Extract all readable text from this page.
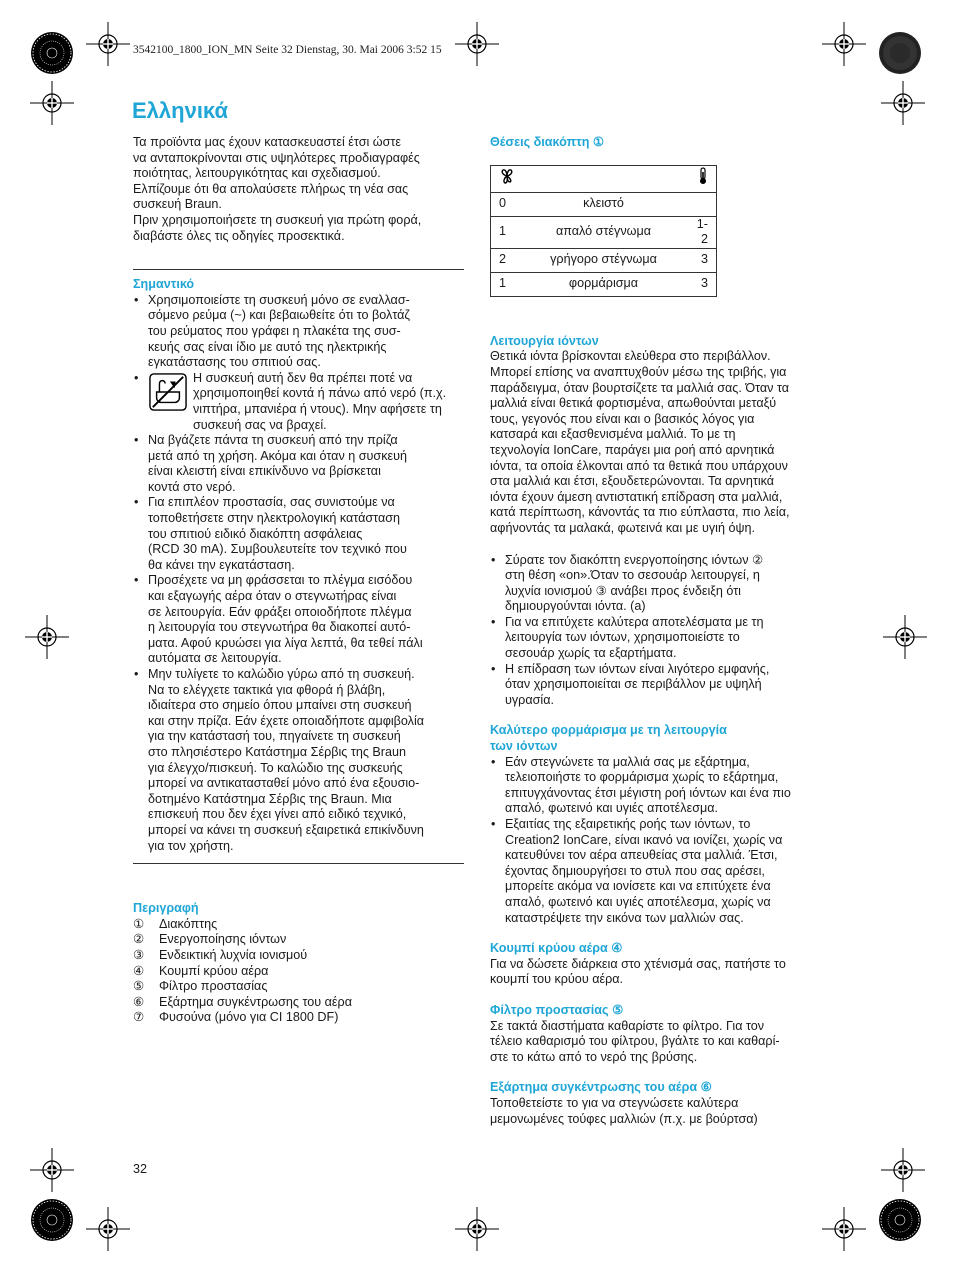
3542100_1800_ION_MN Seite 32 Dienstag, 30. Mai 2006 3:52 15
Ελληνικά

Τα προϊόντα μας έχουν κατασκευαστεί έτσι ώστε

να ανταποκρίνονται στις υψηλότερες προδιαγραφές

ποιότητας, λειτουργικότητας και σχεδιασμού.

Ελπίζουμε ότι θα απολαύσετε πλήρως τη νέα σας

συσκευή Braun.

Πριν χρησιμοποιήσετε τη συσκευή για πρώτη φορά,

διαβάστε όλες τις οδηγίες προσεκτικά.

Σημαντικό

• Χρησιμοποιείστε τη συσκευή μόνο σε εναλλασ-

σόμενο ρεύμα (~) και βεβαιωθείτε ότι το βολτάζ

του ρεύματος που γράφει η πλακέτα της συσ-

κευής σας είναι ίδιο με αυτό της ηλεκτρικής

εγκατάστασης του σπιτιού σας.

• Η συσκευή αυτή δεν θα πρέπει ποτέ να

χρησιμοποιηθεί κοντά ή πάνω από νερό (π.χ.

νιπτήρα, μπανιέρα ή ντους). Μην αφήσετε τη

συσκευή σας να βραχεί.

• Να βγάζετε πάντα τη συσκευή από την πρίζα

μετά από τη χρήση. Ακόμα και όταν η συσκευή

είναι κλειστή είναι επικίνδυνο να βρίσκεται

κοντά στο νερό.

• Για επιπλέον προστασία, σας συνιστούμε να

τοποθετήσετε στην ηλεκτρολογική κατάσταση

του σπιτιού ειδικό διακόπτη ασφάλειας

(RCD 30 mA). Συμβουλευτείτε τον τεχνικό που

θα κάνει την εγκατάσταση.

• Προσέχετε να μη φράσσεται το πλέγμα εισόδου

και εξαγωγής αέρα όταν ο στεγνωτήρας είναι

σε λειτουργία. Εάν φράξει οποιοδήποτε πλέγμα

η λειτουργία του στεγνωτήρα θα διακοπεί αυτό-

ματα. Αφού κρυώσει για λίγα λεπτά, θα τεθεί πάλι

αυτόματα σε λειτουργία.

• Μην τυλίγετε το καλώδιο γύρω από τη συσκευή.

Να το ελέγχετε τακτικά για φθορά ή βλάβη,

ιδιαίτερα στο σημείο όπου μπαίνει στη συσκευή

και στην πρίζα. Εάν έχετε οποιαδήποτε αμφιβολία

για την κατάστασή του, πηγαίνετε τη συσκευή

στο πλησιέστερο Κατάστημα Σέρβις της Braun

για έλεγχο/πισκευή. Το καλώδιο της συσκευής

μπορεί να αντικατασταθεί μόνο από ένα εξουσιο-

δοτημένο Κατάστημα Σέρβις της Braun. Μια

επισκευή που δεν έχει γίνει από ειδικό τεχνικό,

μπορεί να κάνει τη συσκευή εξαιρετικά επικίνδυνη

για τον χρήστη.

Περιγραφή

①	Διακόπτης
②	Ενεργοποίησης ιόντων
③	Ενδεικτική λυχνία ιονισμού
④	Κουμπί κρύου αέρα
⑤	Φίλτρο προστασίας
⑥	Εξάρτημα συγκέντρωσης του αέρα
⑦	Φυσούνα (μόνο για CI 1800 DF)

Θέσεις διακόπτη ①

0	κλειστό	
1	απαλό στέγνωμα	1-2
2	γρήγορο στέγνωμα	3
1	φορμάρισμα	3

Λειτουργία ιόντων

Θετικά ιόντα βρίσκονται ελεύθερα στο περιβάλλον.

Μπορεί επίσης να αναπτυχθούν μέσω της τριβής, για

παράδειγμα, όταν βουρτσίζετε τα μαλλιά σας. Όταν τα

μαλλιά είναι θετικά φορτισμένα, απωθούνται μεταξύ

τους, γεγονός που είναι και ο βασικός λόγος για

κατσαρά και εξασθενισμένα μαλλιά. Το με τη

τεχνολογία IonCare, παράγει μια ροή από αρνητικά

ιόντα, τα οποία έλκονται από τα θετικά που υπάρχουν

στα μαλλιά και έτσι, εξουδετερώνονται. Τα αρνητικά

ιόντα έχουν άμεση αντιστατική επίδραση στα μαλλιά,

κατά περίπτωση, κάνοντάς τα πιο εύπλαστα, πιο λεία,

αφήνοντάς τα μαλακά, φωτεινά και με υγιή όψη.

• Σύρατε τον διακόπτη ενεργοποίησης ιόντων ②

στη θέση «on».Όταν το σεσουάρ λειτουργεί, η

λυχνία ιονισμού ③ ανάβει προς ένδειξη ότι

δημιουργούνται ιόντα. (a)

• Για να επιτύχετε καλύτερα αποτελέσματα με τη

λειτουργία των ιόντων, χρησιμοποιείστε το

σεσουάρ χωρίς τα εξαρτήματα.

• Η επίδραση των ιόντων είναι λιγότερο εμφανής,

όταν χρησιμοποιείται σε περιβάλλον με υψηλή

υγρασία.

Καλύτερο φορμάρισμα με τη λειτουργία

των ιόντων

• Εάν στεγνώνετε τα μαλλιά σας με εξάρτημα,

τελειοποιήστε το φορμάρισμα χωρίς το εξάρτημα,

επιτυγχάνοντας έτσι μέγιστη ροή ιόντων και ένα πιο

απαλό, φωτεινό και υγιές αποτέλεσμα.

• Εξαιτίας της εξαιρετικής ροής των ιόντων, το

Creation2 IonCare, είναι ικανό να ιονίζει, χωρίς να

κατευθύνει τον αέρα απευθείας στα μαλλιά. Έτσι,

έχοντας δημιουργήσει το στυλ που σας αρέσει,

μπορείτε ακόμα να ιονίσετε και να επιτύχετε ένα

απαλό, φωτεινό και υγιές αποτέλεσμα, χωρίς να

καταστρέψετε την εικόνα των μαλλιών σας.

Κουμπί κρύου αέρα ④

Για να δώσετε διάρκεια στο χτένισμά σας, πατήστε το

κουμπί του κρύου αέρα.

Φίλτρο προστασίας ⑤

Σε τακτά διαστήματα καθαρίστε το φίλτρο. Για τον

τέλειο καθαρισμό του φίλτρου, βγάλτε το και καθαρί-

στε το κάτω από το νερό της βρύσης.

Εξάρτημα συγκέντρωσης του αέρα ⑥

Τοποθετείστε το για να στεγνώσετε καλύτερα

μεμονωμένες τούφες μαλλιών (π.χ. με βούρτσα)

32
